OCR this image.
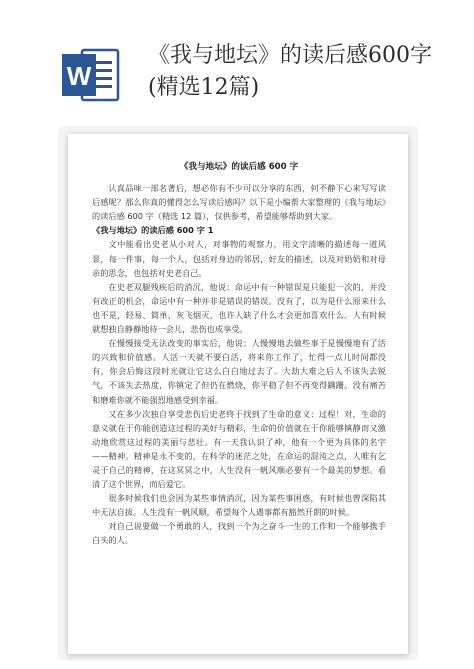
W
《我与地坛》的读后感600字(精选12篇)
《我与地坛》的读后感 600 字

认真品味一部名著后，想必你有不少可以分享的东西，何不静下心来写写读后感呢？那么你真的懂得怎么写读后感吗？以下是小编帮大家整理的《我与地坛》的读后感 600 字（精选 12 篇），仅供参考，希望能够帮助到大家。

《我与地坛》的读后感 600 字 1

文中能看出史老从小对人，对事物的观察力，用文字清晰的描述每一道风景，每一件事，每一个人，包括对身边的邻居，好友的描述，以及对奶奶和对母亲的思念，也包括对史老自己。

在史老双腿残疾后的消沉，他说：命运中有一种错误是只能犯一次的，并没有改正的机会，命运中有一种并非是错误的错误。没有了，以为是什么原来什么也不是，轻易、简单、灰飞烟灭，也许人缺了什么才会更加喜欢什么。人有时候就想独自静静地待一会儿，悲伤也成享受。

在慢慢接受无法改变的事实后，他说：人慢慢地去做些事于是慢慢地有了活的兴致和价值感。人活一天就不要白活，将来你工作了，忙得一点儿时间都没有，你会后悔这段时光就让它这么白白地过去了。大劫大难之后人不该失去锐气，不该失去热度，你镇定了但仍在燃烧，你平稳了但不再变得蹒跚。没有痛苦和磨难你就不能强烈地感受到幸福。

又在多少次独自享受悲伤后史老终于找到了生命的意义：过程！对，生命的意义就在于你能创造这过程的美好与精彩，生命的价值就在于你能够镇静而又激动地欣赏这过程的美丽与悲壮。有一天我认识了神，他有一个更为具体的名字——精神。精神是永不变的，在科学的迷茫之处，在命运的混沌之点，人唯有乞灵于自己的精神，在这冥冥之中，人生没有一帆风顺必要有一个最美的梦想。看清了这个世界，而后爱它。

很多时候我们也会因为某些事情消沉，因为某些事困惑，有时候也曾深陷其中无法自拔。人生没有一帆风顺，希望每个人遇事都有豁然开朗的时候。

对自己说要做一个勇敢的人，找到一个为之奋斗一生的工作和一个能够携手白头的人。
